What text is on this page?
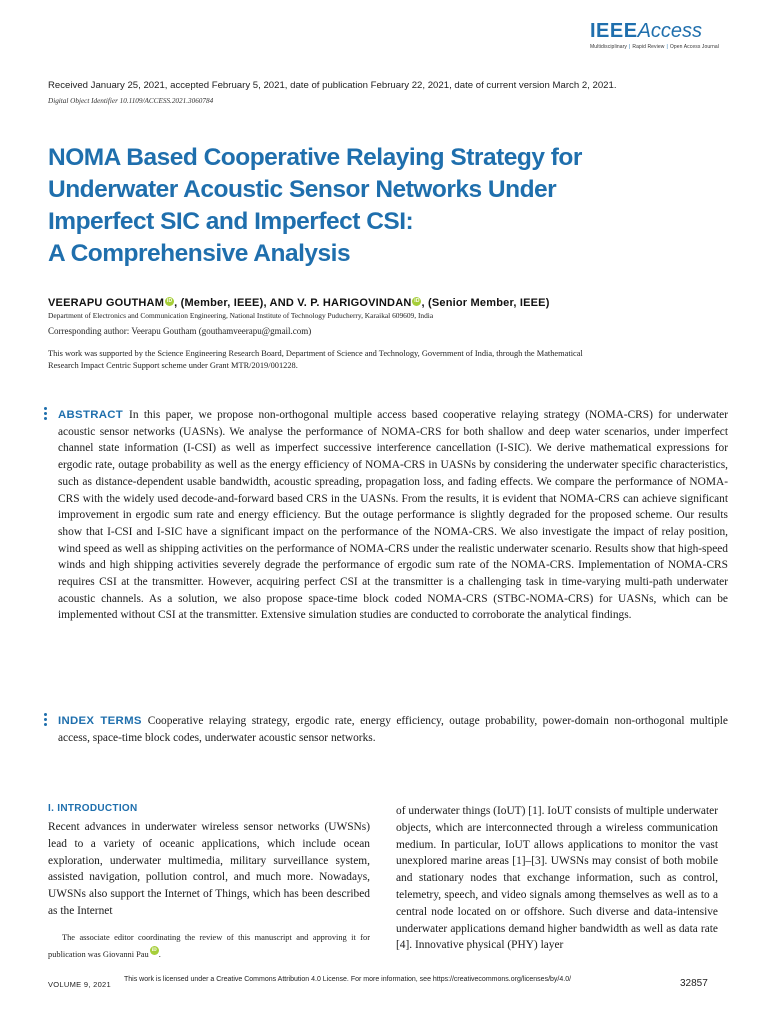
IEEEAccess
Multidisciplinary | Rapid Review | Open Access Journal
Received January 25, 2021, accepted February 5, 2021, date of publication February 22, 2021, date of current version March 2, 2021.
Digital Object Identifier 10.1109/ACCESS.2021.3060784
NOMA Based Cooperative Relaying Strategy for
Underwater Acoustic Sensor Networks Under
Imperfect SIC and Imperfect CSI:
A Comprehensive Analysis
VEERAPU GOUTHAM iD , (Member, IEEE), AND V. P. HARIGOVINDAN iD , (Senior Member, IEEE)
Department of Electronics and Communication Engineering, National Institute of Technology Puducherry, Karaikal 609609, India
Corresponding author: Veerapu Goutham (gouthamveerapu@gmail.com)
This work was supported by the Science Engineering Research Board, Department of Science and Technology, Government of India, through the Mathematical Research Impact Centric Support scheme under Grant MTR/2019/001228.
ABSTRACT In this paper, we propose non-orthogonal multiple access based cooperative relaying strategy (NOMA-CRS) for underwater acoustic sensor networks (UASNs). We analyse the performance of NOMA-CRS for both shallow and deep water scenarios, under imperfect channel state information (I-CSI) as well as imperfect successive interference cancellation (I-SIC). We derive mathematical expressions for ergodic rate, outage probability as well as the energy efficiency of NOMA-CRS in UASNs by considering the underwater specific characteristics, such as distance-dependent usable bandwidth, acoustic spreading, propagation loss, and fading effects. We compare the performance of NOMA-CRS with the widely used decode-and-forward based CRS in the UASNs. From the results, it is evident that NOMA-CRS can achieve significant improvement in ergodic sum rate and energy efficiency. But the outage performance is slightly degraded for the proposed scheme. Our results show that I-CSI and I-SIC have a significant impact on the performance of the NOMA-CRS. We also investigate the impact of relay position, wind speed as well as shipping activities on the performance of NOMA-CRS under the realistic underwater scenario. Results show that high-speed winds and high shipping activities severely degrade the performance of ergodic sum rate of the NOMA-CRS. Implementation of NOMA-CRS requires CSI at the transmitter. However, acquiring perfect CSI at the transmitter is a challenging task in time-varying multi-path underwater acoustic channels. As a solution, we also propose space-time block coded NOMA-CRS (STBC-NOMA-CRS) for UASNs, which can be implemented without CSI at the transmitter. Extensive simulation studies are conducted to corroborate the analytical findings.
INDEX TERMS Cooperative relaying strategy, ergodic rate, energy efficiency, outage probability, power-domain non-orthogonal multiple access, space-time block codes, underwater acoustic sensor networks.
I. INTRODUCTION
Recent advances in underwater wireless sensor networks (UWSNs) lead to a variety of oceanic applications, which include ocean exploration, underwater multimedia, military surveillance system, assisted navigation, pollution control, and much more. Nowadays, UWSNs also support the Internet of Things, which has been described as the Internet
of underwater things (IoUT) [1]. IoUT consists of multiple underwater objects, which are interconnected through a wireless communication medium. In particular, IoUT allows applications to monitor the vast unexplored marine areas [1]–[3]. UWSNs may consist of both mobile and stationary nodes that exchange information, such as control, telemetry, speech, and video signals among themselves as well as to a central node located on or offshore. Such diverse and data-intensive underwater applications demand higher bandwidth as well as data rate [4]. Innovative physical (PHY) layer
The associate editor coordinating the review of this manuscript and approving it for publication was Giovanni Pau iD .
VOLUME 9, 2021
This work is licensed under a Creative Commons Attribution 4.0 License. For more information, see https://creativecommons.org/licenses/by/4.0/	32857
